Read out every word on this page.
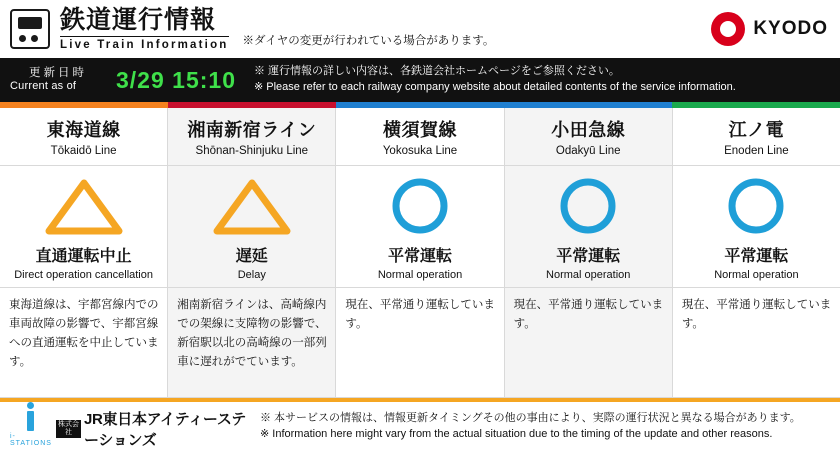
鉄道運行情報
Live Train Information ※ダイヤの変更が行われている場合があります。
KYODO
更新日時
Current as of	3/29 15:10 ※ 運行情報の詳しい内容は、各鉄道会社ホームページをご参照ください。
※ Please refer to each railway company website about detailed contents of the service information.
東海道線
Tōkaidō Line
湘南新宿ライン
Shōnan-Shinjuku Line
横須賀線
Yokosuka Line
小田急線
Odakyū Line
江ノ電
Enoden Line
直通運転中止
Direct operation cancellation
遅延
Delay
平常運転
Normal operation
平常運転
Normal operation
平常運転
Normal operation
東海道線は、宇都宮線内での車両故障の影響で、宇都宮線への直通運転を中止しています。
湘南新宿ラインは、高崎線内での架線に支障物の影響で、新宿駅以北の高崎線の一部列車に遅れがでています。
現在、平常通り運転しています。
現在、平常通り運転しています。
現在、平常通り運転しています。
i-STATIONS
株式会社
JR東日本アイティーステーションズ
※ 本サービスの情報は、情報更新タイミングその他の事由により、実際の運行状況と異なる場合があります。
※ Information here might vary from the actual situation due to the timing of the update and other reasons.
